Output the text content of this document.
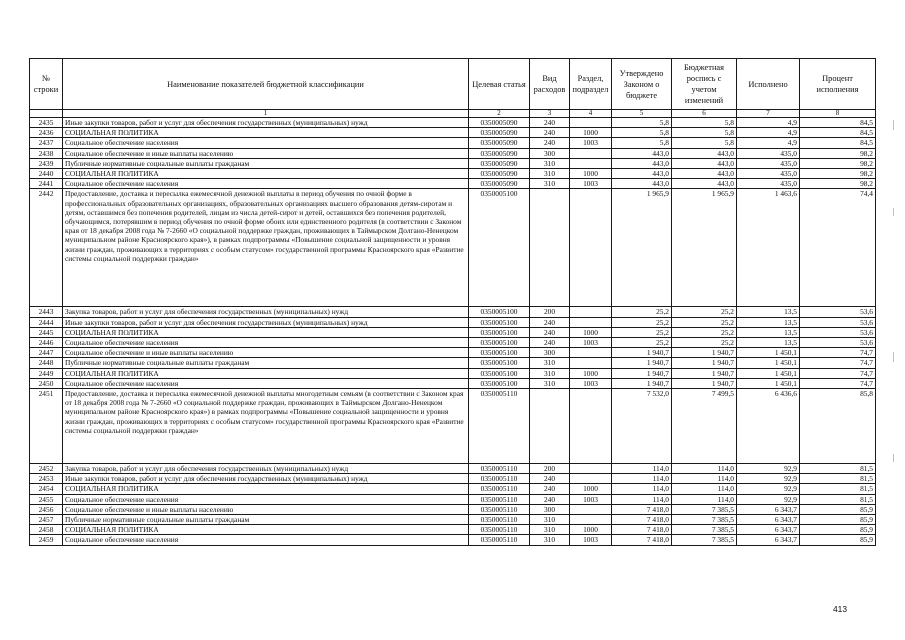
№ строки	Наименование показателей бюджетной классификации	Целевая статья	Вид расходов	Раздел, подраздел	Утверждено Законом о бюджете	Бюджетная роспись с учетом изменений	Исполнено	Процент исполнения
	1	2	3	4	5	6	7	8
2435	Иные закупки товаров, работ и услуг для обеспечения государственных (муниципальных) нужд	0350005090	240		5,8	5,8	4,9	84,5
2436	СОЦИАЛЬНАЯ ПОЛИТИКА	0350005090	240	1000	5,8	5,8	4,9	84,5
2437	Социальное обеспечение населения	0350005090	240	1003	5,8	5,8	4,9	84,5
2438	Социальное обеспечение и иные выплаты населению	0350005090	300		443,0	443,0	435,0	98,2
2439	Публичные нормативные социальные выплаты гражданам	0350005090	310		443,0	443,0	435,0	98,2
2440	СОЦИАЛЬНАЯ ПОЛИТИКА	0350005090	310	1000	443,0	443,0	435,0	98,2
2441	Социальное обеспечение населения	0350005090	310	1003	443,0	443,0	435,0	98,2
2442	Предоставление, доставка и пересылка ежемесячной денежной выплаты в период обучения по очной форме в профессиональных образовательных организациях, образовательных организациях высшего образования детям-сиротам и детям, оставшимся без попечения родителей, лицам из числа детей-сирот и детей, оставшихся без попечения родителей, обучающимся, потерявшим в период обучения по очной форме обоих или единственного родителя (в соответствии с Законом края от 18 декабря 2008 года № 7-2660 «О социальной поддержке граждан, проживающих в Таймырском Долгано-Ненецком муниципальном районе Красноярского края»), в рамках подпрограммы «Повышение социальной защищенности и уровня жизни граждан, проживающих в территориях с особым статусом» государственной программы Красноярского края «Развитие системы социальной поддержки граждан»	0350005100			1 965,9	1 965,9	1 463,6	74,4
2443	Закупка товаров, работ и услуг для обеспечения государственных (муниципальных) нужд	0350005100	200		25,2	25,2	13,5	53,6
2444	Иные закупки товаров, работ и услуг для обеспечения государственных (муниципальных) нужд	0350005100	240		25,2	25,2	13,5	53,6
2445	СОЦИАЛЬНАЯ ПОЛИТИКА	0350005100	240	1000	25,2	25,2	13,5	53,6
2446	Социальное обеспечение населения	0350005100	240	1003	25,2	25,2	13,5	53,6
2447	Социальное обеспечение и иные выплаты населению	0350005100	300		1 940,7	1 940,7	1 450,1	74,7
2448	Публичные нормативные социальные выплаты гражданам	0350005100	310		1 940,7	1 940,7	1 450,1	74,7
2449	СОЦИАЛЬНАЯ ПОЛИТИКА	0350005100	310	1000	1 940,7	1 940,7	1 450,1	74,7
2450	Социальное обеспечение населения	0350005100	310	1003	1 940,7	1 940,7	1 450,1	74,7
2451	Предоставление, доставка и пересылка ежемесячной денежной выплаты многодетным семьям (в соответствии с Законом края от 18 декабря 2008 года № 7-2660 «О социальной поддержке граждан, проживающих в Таймырском Долгано-Ненецком муниципальном районе Красноярского края») в рамках подпрограммы «Повышение социальной защищенности и уровня жизни граждан, проживающих в территориях с особым статусом» государственной программы Красноярского края «Развитие системы социальной поддержки граждан»	0350005110			7 532,0	7 499,5	6 436,6	85,8
2452	Закупка товаров, работ и услуг для обеспечения государственных (муниципальных) нужд	0350005110	200		114,0	114,0	92,9	81,5
2453	Иные закупки товаров, работ и услуг для обеспечения государственных (муниципальных) нужд	0350005110	240		114,0	114,0	92,9	81,5
2454	СОЦИАЛЬНАЯ ПОЛИТИКА	0350005110	240	1000	114,0	114,0	92,9	81,5
2455	Социальное обеспечение населения	0350005110	240	1003	114,0	114,0	92,9	81,5
2456	Социальное обеспечение и иные выплаты населению	0350005110	300		7 418,0	7 385,5	6 343,7	85,9
2457	Публичные нормативные социальные выплаты гражданам	0350005110	310		7 418,0	7 385,5	6 343,7	85,9
2458	СОЦИАЛЬНАЯ ПОЛИТИКА	0350005110	310	1000	7 418,0	7 385,5	6 343,7	85,9
2459	Социальное обеспечение населения	0350005110	310	1003	7 418,0	7 385,5	6 343,7	85,9
413
